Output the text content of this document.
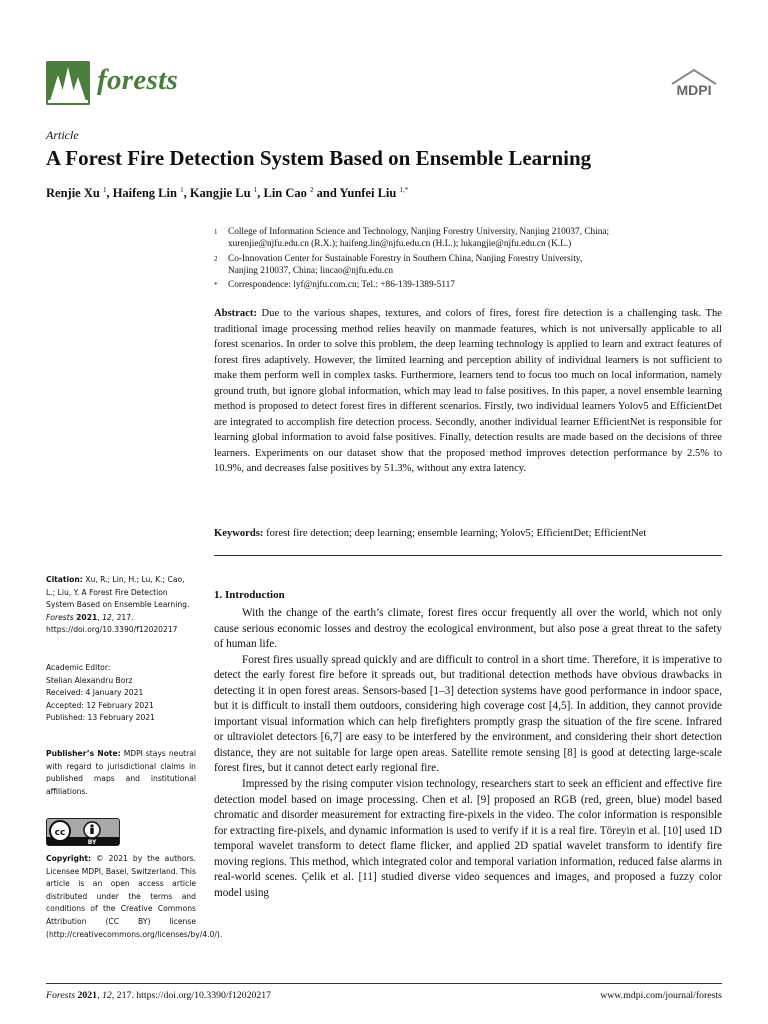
forests	MDPI
Article
A Forest Fire Detection System Based on Ensemble Learning
Renjie Xu $^1$, Haifeng Lin $^1$, Kangjie Lu $^1$, Lin Cao $^2$ and Yunfei Liu $^{1,*}$
1 College of Information Science and Technology, Nanjing Forestry University, Nanjing 210037, China;
xurenjie@njfu.edu.cn (R.X.); haifeng.lin@njfu.edu.cn (H.L.); lukangjie@njfu.edu.cn (K.L.)
2 Co-Innovation Center for Sustainable Forestry in Southern China, Nanjing Forestry University,
Nanjing 210037, China; lincao@njfu.edu.cn
* Correspondence: lyf@njfu.com.cn; Tel.: +86-139-1389-5117
Abstract: Due to the various shapes, textures, and colors of fires, forest fire detection is a challenging task. The traditional image processing method relies heavily on manmade features, which is not universally applicable to all forest scenarios. In order to solve this problem, the deep learning technology is applied to learn and extract features of forest fires adaptively. However, the limited learning and perception ability of individual learners is not sufficient to make them perform well in complex tasks. Furthermore, learners tend to focus too much on local information, namely ground truth, but ignore global information, which may lead to false positives. In this paper, a novel ensemble learning method is proposed to detect forest fires in different scenarios. Firstly, two individual learners Yolov5 and EfficientDet are integrated to accomplish fire detection process. Secondly, another individual learner EfficientNet is responsible for learning global information to avoid false positives. Finally, detection results are made based on the decisions of three learners. Experiments on our dataset show that the proposed method improves detection performance by 2.5% to 10.9%, and decreases false positives by 51.3%, without any extra latency.
Keywords: forest fire detection; deep learning; ensemble learning; Yolov5; EfficientDet; EfficientNet
Citation: Xu, R.; Lin, H.; Lu, K.; Cao, L.; Liu, Y. A Forest Fire Detection System Based on Ensemble Learning. Forests 2021, 12, 217. https://doi.org/10.3390/f12020217
Academic Editor:
Stelian Alexandru Borz
Received: 4 January 2021
Accepted: 12 February 2021
Published: 13 February 2021
Publisher’s Note: MDPI stays neutral with regard to jurisdictional claims in published maps and institutional affiliations.
cc
BY
Copyright: © 2021 by the authors. Licensee MDPI, Basel, Switzerland. This article is an open access article distributed under the terms and conditions of the Creative Commons Attribution (CC BY) license (http://creativecommons.org/licenses/by/4.0/).
1. Introduction

With the change of the earth’s climate, forest fires occur frequently all over the world, which not only cause serious economic losses and destroy the ecological environment, but also pose a great threat to the safety of human life.

Forest fires usually spread quickly and are difficult to control in a short time. Therefore, it is imperative to detect the early forest fire before it spreads out, but traditional detection methods have obvious drawbacks in detecting it in open forest areas. Sensors-based [1–3] detection systems have good performance in indoor space, but it is difficult to install them outdoors, considering high coverage cost [4,5]. In addition, they cannot provide important visual information which can help firefighters promptly grasp the situation of the fire scene. Infrared or ultraviolet detectors [6,7] are easy to be interfered by the environment, and considering their short detection distance, they are not suitable for large open areas. Satellite remote sensing [8] is good at detecting large-scale forest fires, but it cannot detect early regional fire.

Impressed by the rising computer vision technology, researchers start to seek an efficient and effective fire detection model based on image processing. Chen et al. [9] proposed an RGB (red, green, blue) model based chromatic and disorder measurement for extracting fire-pixels in the video. The color information is responsible for extracting fire-pixels, and dynamic information is used to verify if it is a real fire. Töreyin et al. [10] used 1D temporal wavelet transform to detect flame flicker, and applied 2D spatial wavelet transform to identify fire moving regions. This method, which integrated color and temporal variation information, reduced false alarms in real-world scenes. Çelik et al. [11] studied diverse video sequences and images, and proposed a fuzzy color model using

Forests 2021, 12, 217. https://doi.org/10.3390/f12020217	www.mdpi.com/journal/forests
